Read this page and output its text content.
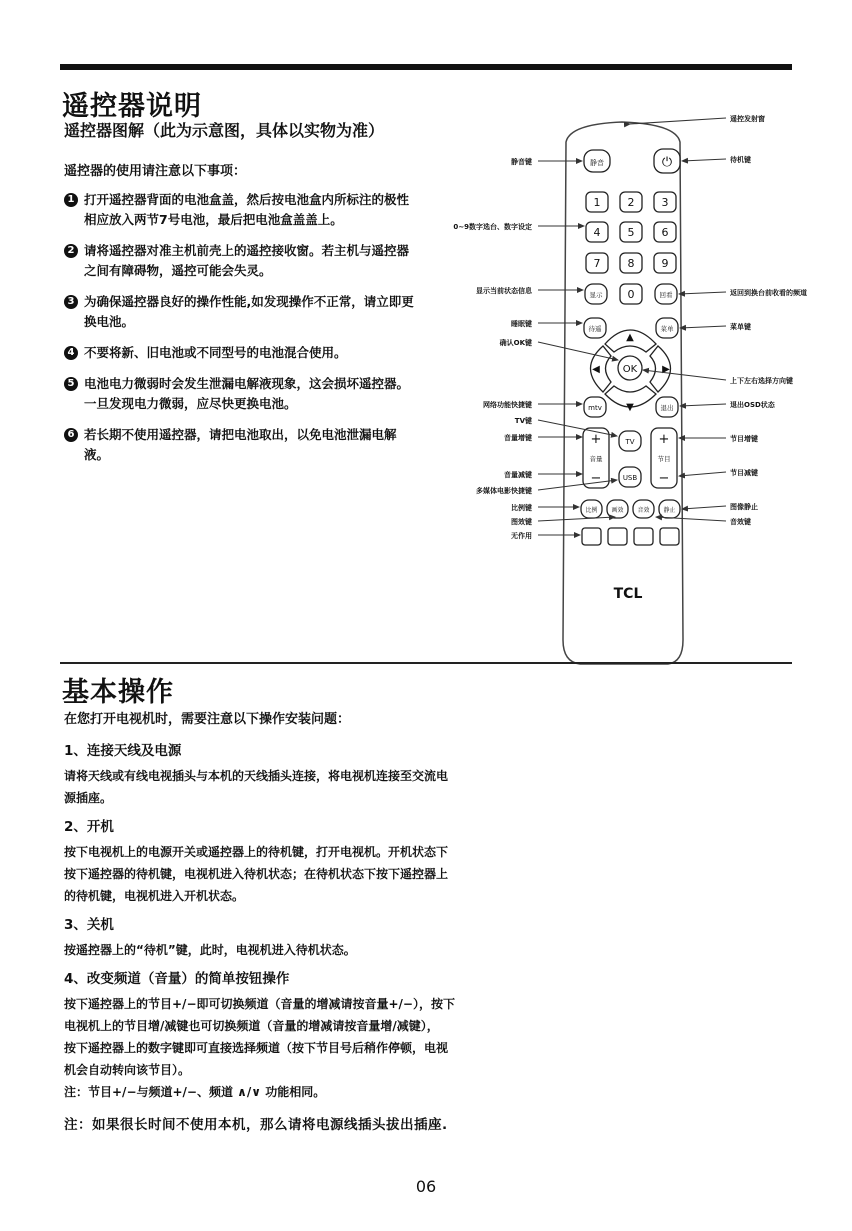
遥控器说明
遥控器图解（此为示意图，具体以实物为准）
遥控器的使用请注意以下事项：
1 打开遥控器背面的电池盒盖，然后按电池盒内所标注的极性相应放入两节7号电池，最后把电池盒盖盖上。
2 请将遥控器对准主机前壳上的遥控接收窗。若主机与遥控器之间有障碍物，遥控可能会失灵。
3 为确保遥控器良好的操作性能,如发现操作不正常，请立即更换电池。
4 不要将新、旧电池或不同型号的电池混合使用。
5 电池电力微弱时会发生泄漏电解液现象，这会损坏遥控器。一旦发现电力微弱，应尽快更换电池。
6 若长期不使用遥控器，请把电池取出，以免电池泄漏电解液。
静音	⏻
1 2 3
4 5 6
7 8 9
显示 0	回看
待遥	菜单
▲
◀	▶
▼
OK
mtv	退出
+
音量
−
+
节目
−
TV
USB
比例 画效 音效 静止
TCL
静音键
0~9数字选台、数字设定
显示当前状态信息
睡眠键
确认OK键
网络功能快捷键
TV键
音量增键
音量减键
多媒体电影快捷键
比例键
图效键
无作用
遥控发射窗
待机键
返回到换台前收看的频道
菜单键
上下左右选择方向键
退出OSD状态
节目增键
节目减键
图像静止
音效键
基本操作

在您打开电视机时，需要注意以下操作安装问题：

1、连接天线及电源

请将天线或有线电视插头与本机的天线插头连接，将电视机连接至交流电

源插座。

2、开机

按下电视机上的电源开关或遥控器上的待机键，打开电视机。开机状态下

按下遥控器的待机键，电视机进入待机状态；在待机状态下按下遥控器上

的待机键，电视机进入开机状态。

3、关机

按遥控器上的“待机”键，此时，电视机进入待机状态。

4、改变频道（音量）的简单按钮操作

按下遥控器上的节目+/−即可切换频道（音量的增减请按音量+/−），按下

电视机上的节目增/减键也可切换频道（音量的增减请按音量增/减键），

按下遥控器上的数字键即可直接选择频道（按下节目号后稍作停顿，电视

机会自动转向该节目）。

注：节目+/−与频道+/−、频道 ∧/∨ 功能相同。

注：如果很长时间不使用本机，那么请将电源线插头拔出插座.

06
